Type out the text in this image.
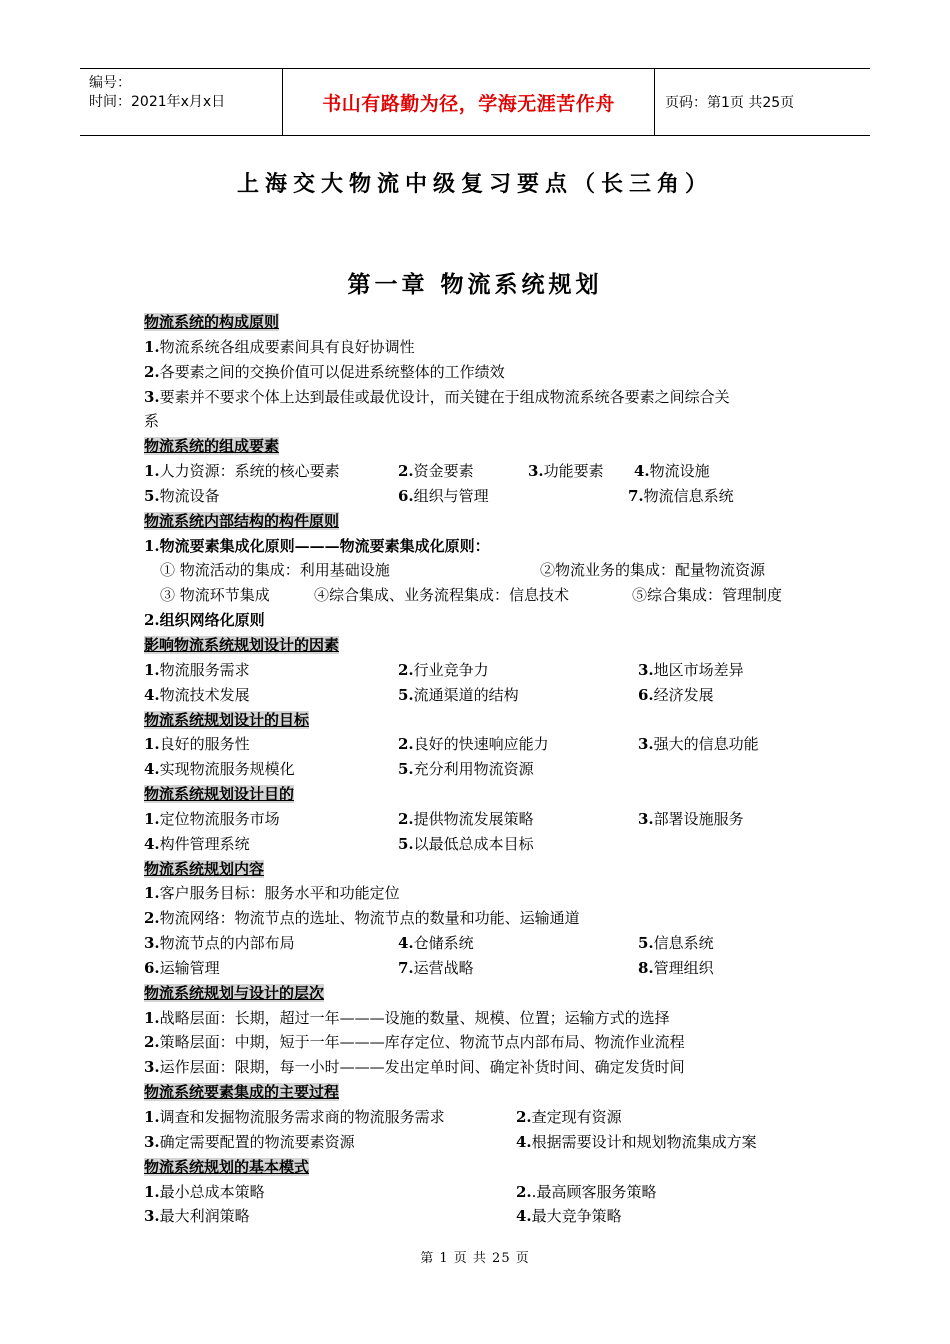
编号：
时间：2021年x月x日	书山有路勤为径，学海无涯苦作舟	页码：第1页 共25页
上海交大物流中级复习要点（长三角）
第一章 物流系统规划
物流系统的构成原则
1.物流系统各组成要素间具有良好协调性
2.各要素之间的交换价值可以促进系统整体的工作绩效
3.要素并不要求个体上达到最佳或最优设计，而关键在于组成物流系统各要素之间综合关
系
物流系统的组成要素
1.人力资源：系统的核心要素	2.资金要素	3.功能要素 4.物流设施
5.物流设备	6.组织与管理	7.物流信息系统
物流系统内部结构的构件原则
1.物流要素集成化原则———物流要素集成化原则：
① 物流活动的集成：利用基础设施	②物流业务的集成：配量物流资源
③ 物流环节集成	④综合集成、业务流程集成：信息技术	⑤综合集成：管理制度
2.组织网络化原则
影响物流系统规划设计的因素
1.物流服务需求	2.行业竞争力	3.地区市场差异
4.物流技术发展	5.流通渠道的结构	6.经济发展
物流系统规划设计的目标
1.良好的服务性	2.良好的快速响应能力	3.强大的信息功能
4.实现物流服务规模化	5.充分利用物流资源
物流系统规划设计目的
1.定位物流服务市场	2.提供物流发展策略	3.部署设施服务
4.构件管理系统	5.以最低总成本目标
物流系统规划内容
1.客户服务目标：服务水平和功能定位
2.物流网络：物流节点的选址、物流节点的数量和功能、运输通道
3.物流节点的内部布局	4.仓储系统	5.信息系统
6.运输管理	7.运营战略	8.管理组织
物流系统规划与设计的层次
1.战略层面：长期，超过一年———设施的数量、规模、位置；运输方式的选择
2.策略层面：中期，短于一年———库存定位、物流节点内部布局、物流作业流程
3.运作层面：限期，每一小时———发出定单时间、确定补货时间、确定发货时间
物流系统要素集成的主要过程
1.调查和发掘物流服务需求商的物流服务需求	2.查定现有资源
3.确定需要配置的物流要素资源	4.根据需要设计和规划物流集成方案
物流系统规划的基本模式
1.最小总成本策略	2..最高顾客服务策略
3.最大利润策略	4.最大竞争策略
第 1 页 共 25 页
